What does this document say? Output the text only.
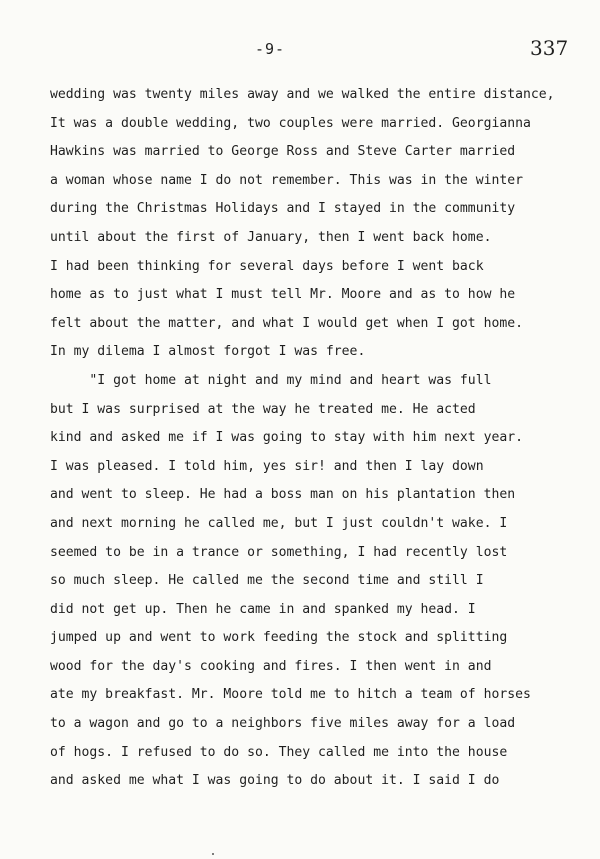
-9-	337
wedding was twenty miles away and we walked the entire distance,
It was a double wedding, two couples were married. Georgianna
Hawkins was married to George Ross and Steve Carter married
a woman whose name I do not remember. This was in the winter
during the Christmas Holidays and I stayed in the community
until about the first of January, then I went back home.
I had been thinking for several days before I went back
home as to just what I must tell Mr. Moore and as to how he
felt about the matter, and what I would get when I got home.
In my dilema I almost forgot I was free.
"I got home at night and my mind and heart was full
but I was surprised at the way he treated me. He acted
kind and asked me if I was going to stay with him next year.
I was pleased. I told him, yes sir! and then I lay down
and went to sleep. He had a boss man on his plantation then
and next morning he called me, but I just couldn't wake. I
seemed to be in a trance or something, I had recently lost
so much sleep. He called me the second time and still I
did not get up. Then he came in and spanked my head. I
jumped up and went to work feeding the stock and splitting
wood for the day's cooking and fires. I then went in and
ate my breakfast. Mr. Moore told me to hitch a team of horses
to a wagon and go to a neighbors five miles away for a load
of hogs. I refused to do so. They called me into the house
and asked me what I was going to do about it. I said I do
